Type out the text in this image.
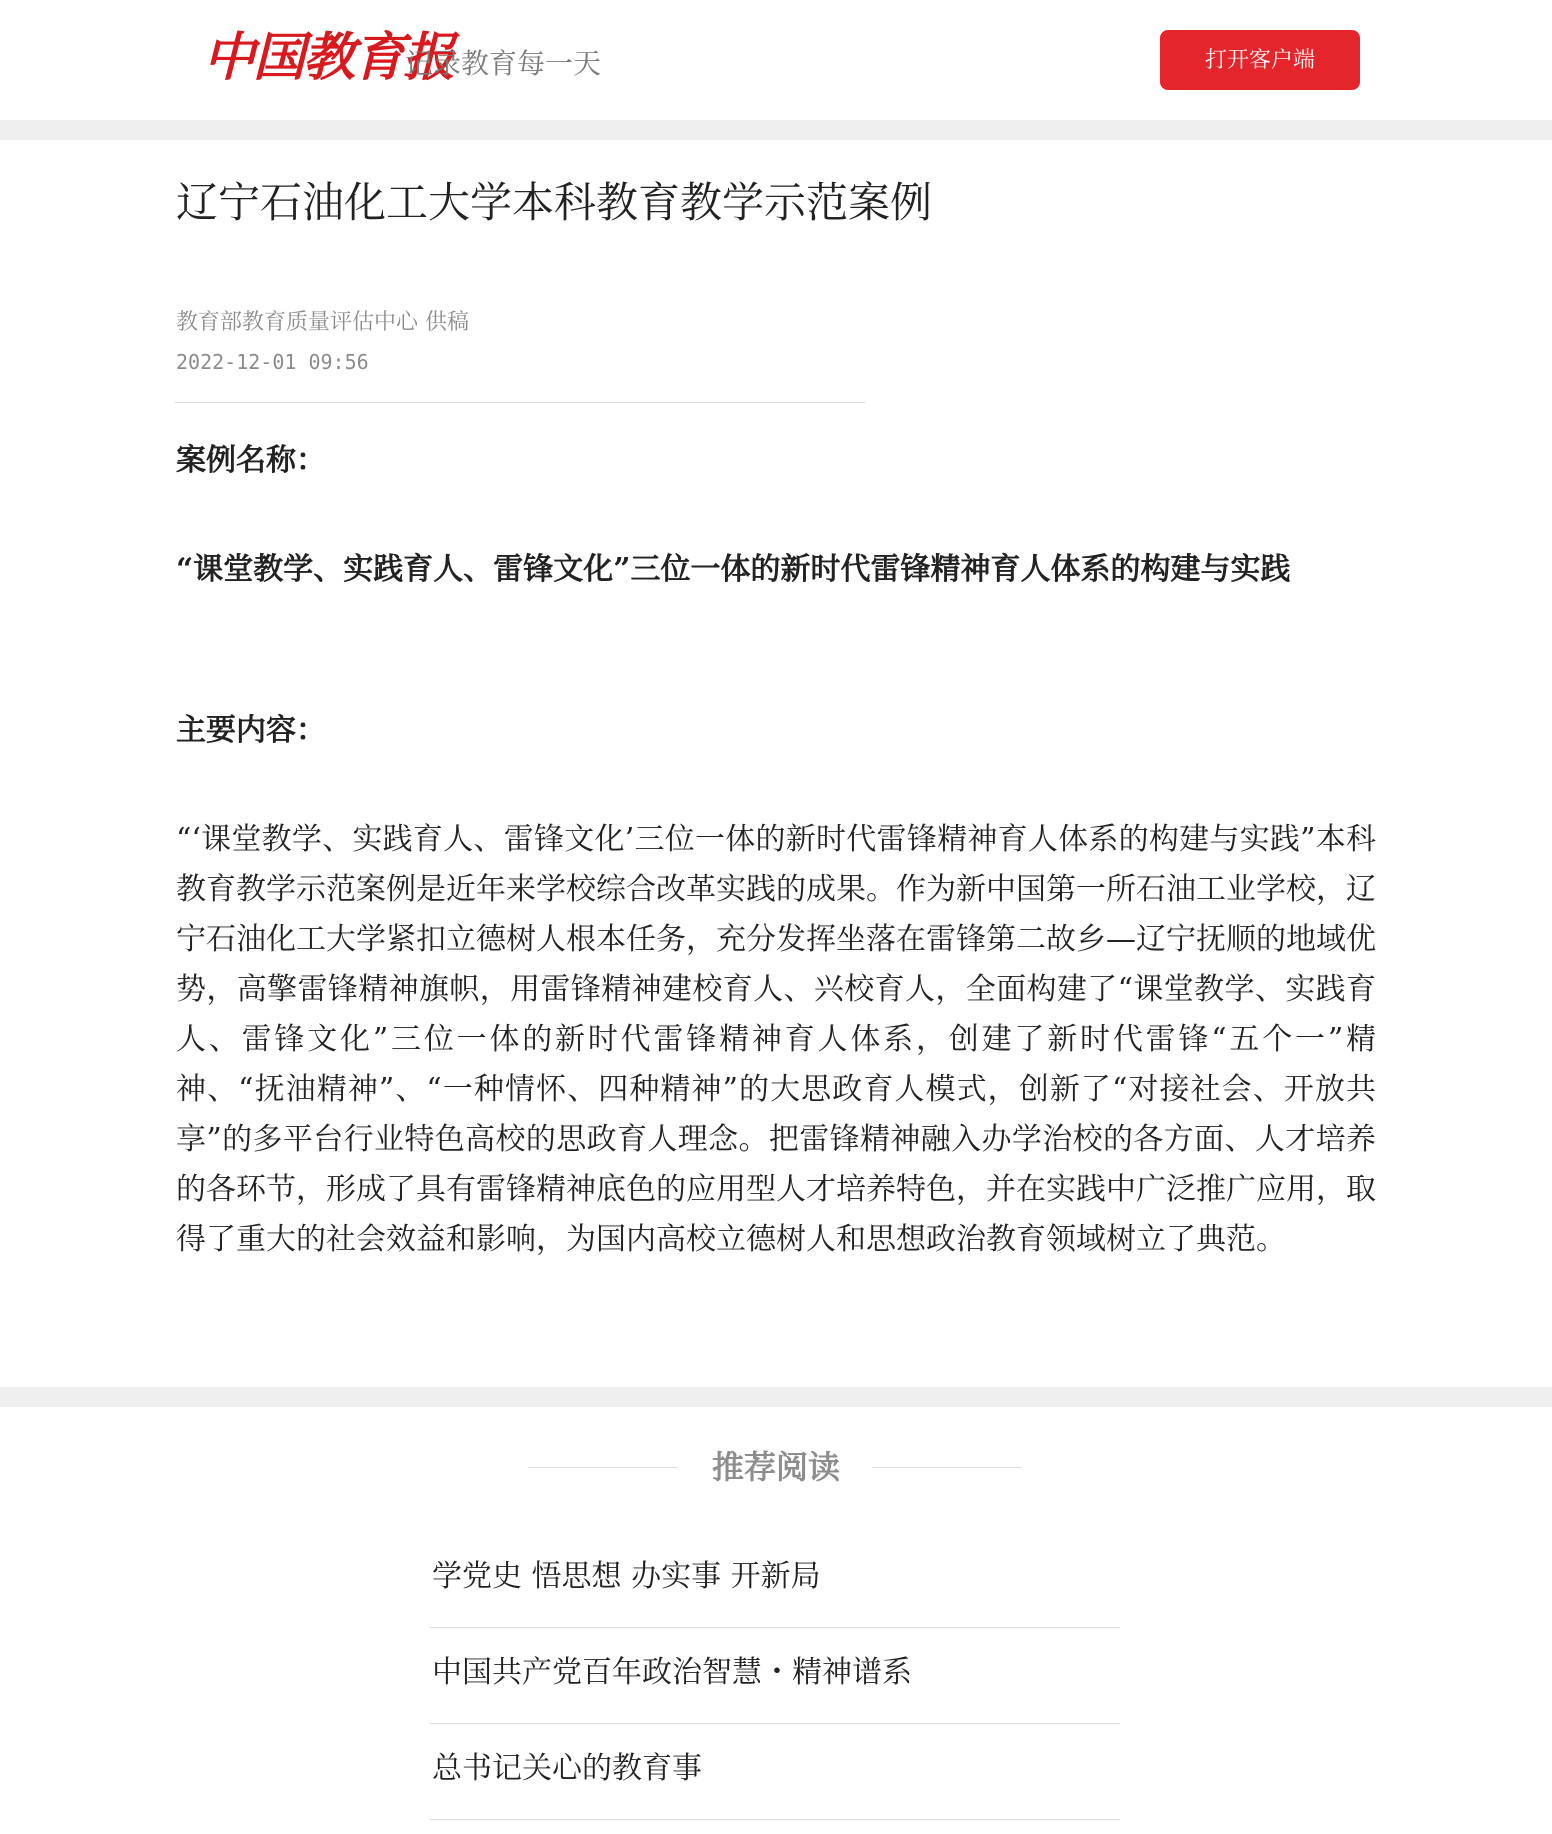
中国教育报
记录教育每一天	打开客户端
辽宁石油化工大学本科教育教学示范案例
教育部教育质量评估中心 供稿
2022-12-01 09:56
案例名称：
“课堂教学、实践育人、雷锋文化”三位一体的新时代雷锋精神育人体系的构建与实践
主要内容：
“‘课堂教学、实践育人、雷锋文化’三位一体的新时代雷锋精神育人体系的构建与实践”本科教育教学示范案例是近年来学校综合改革实践的成果。作为新中国第一所石油工业学校，辽宁石油化工大学紧扣立德树人根本任务，充分发挥坐落在雷锋第二故乡—辽宁抚顺的地域优势，高擎雷锋精神旗帜，用雷锋精神建校育人、兴校育人，全面构建了“课堂教学、实践育人、雷锋文化”三位一体的新时代雷锋精神育人体系，创建了新时代雷锋“五个一”精神、“抚油精神”、“一种情怀、四种精神”的大思政育人模式，创新了“对接社会、开放共享”的多平台行业特色高校的思政育人理念。把雷锋精神融入办学治校的各方面、人才培养的各环节，形成了具有雷锋精神底色的应用型人才培养特色，并在实践中广泛推广应用，取得了重大的社会效益和影响，为国内高校立德树人和思想政治教育领域树立了典范。
推荐阅读
学党史 悟思想 办实事 开新局
中国共产党百年政治智慧・精神谱系
总书记关心的教育事
